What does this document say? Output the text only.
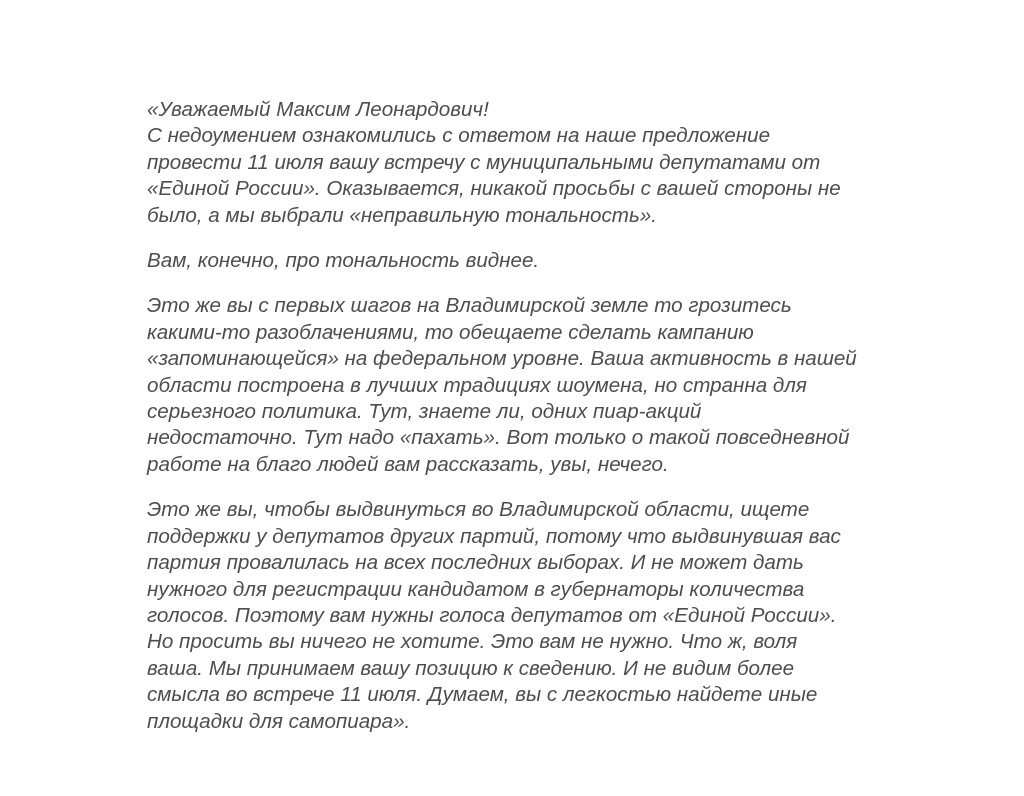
«Уважаемый Максим Леонардович!
С недоумением ознакомились с ответом на наше предложение
провести 11 июля вашу встречу с муниципальными депутатами от
«Единой России». Оказывается, никакой просьбы с вашей стороны не
было, а мы выбрали «неправильную тональность».

Вам, конечно, про тональность виднее.

Это же вы с первых шагов на Владимирской земле то грозитесь
какими-то разоблачениями, то обещаете сделать кампанию
«запоминающейся» на федеральном уровне. Ваша активность в нашей
области построена в лучших традициях шоумена, но странна для
серьезного политика. Тут, знаете ли, одних пиар-акций
недостаточно. Тут надо «пахать». Вот только о такой повседневной
работе на благо людей вам рассказать, увы, нечего.

Это же вы, чтобы выдвинуться во Владимирской области, ищете
поддержки у депутатов других партий, потому что выдвинувшая вас
партия провалилась на всех последних выборах. И не может дать
нужного для регистрации кандидатом в губернаторы количества
голосов. Поэтому вам нужны голоса депутатов от «Единой России».
Но просить вы ничего не хотите. Это вам не нужно. Что ж, воля
ваша. Мы принимаем вашу позицию к сведению. И не видим более
смысла во встрече 11 июля. Думаем, вы с легкостью найдете иные
площадки для самопиара».
